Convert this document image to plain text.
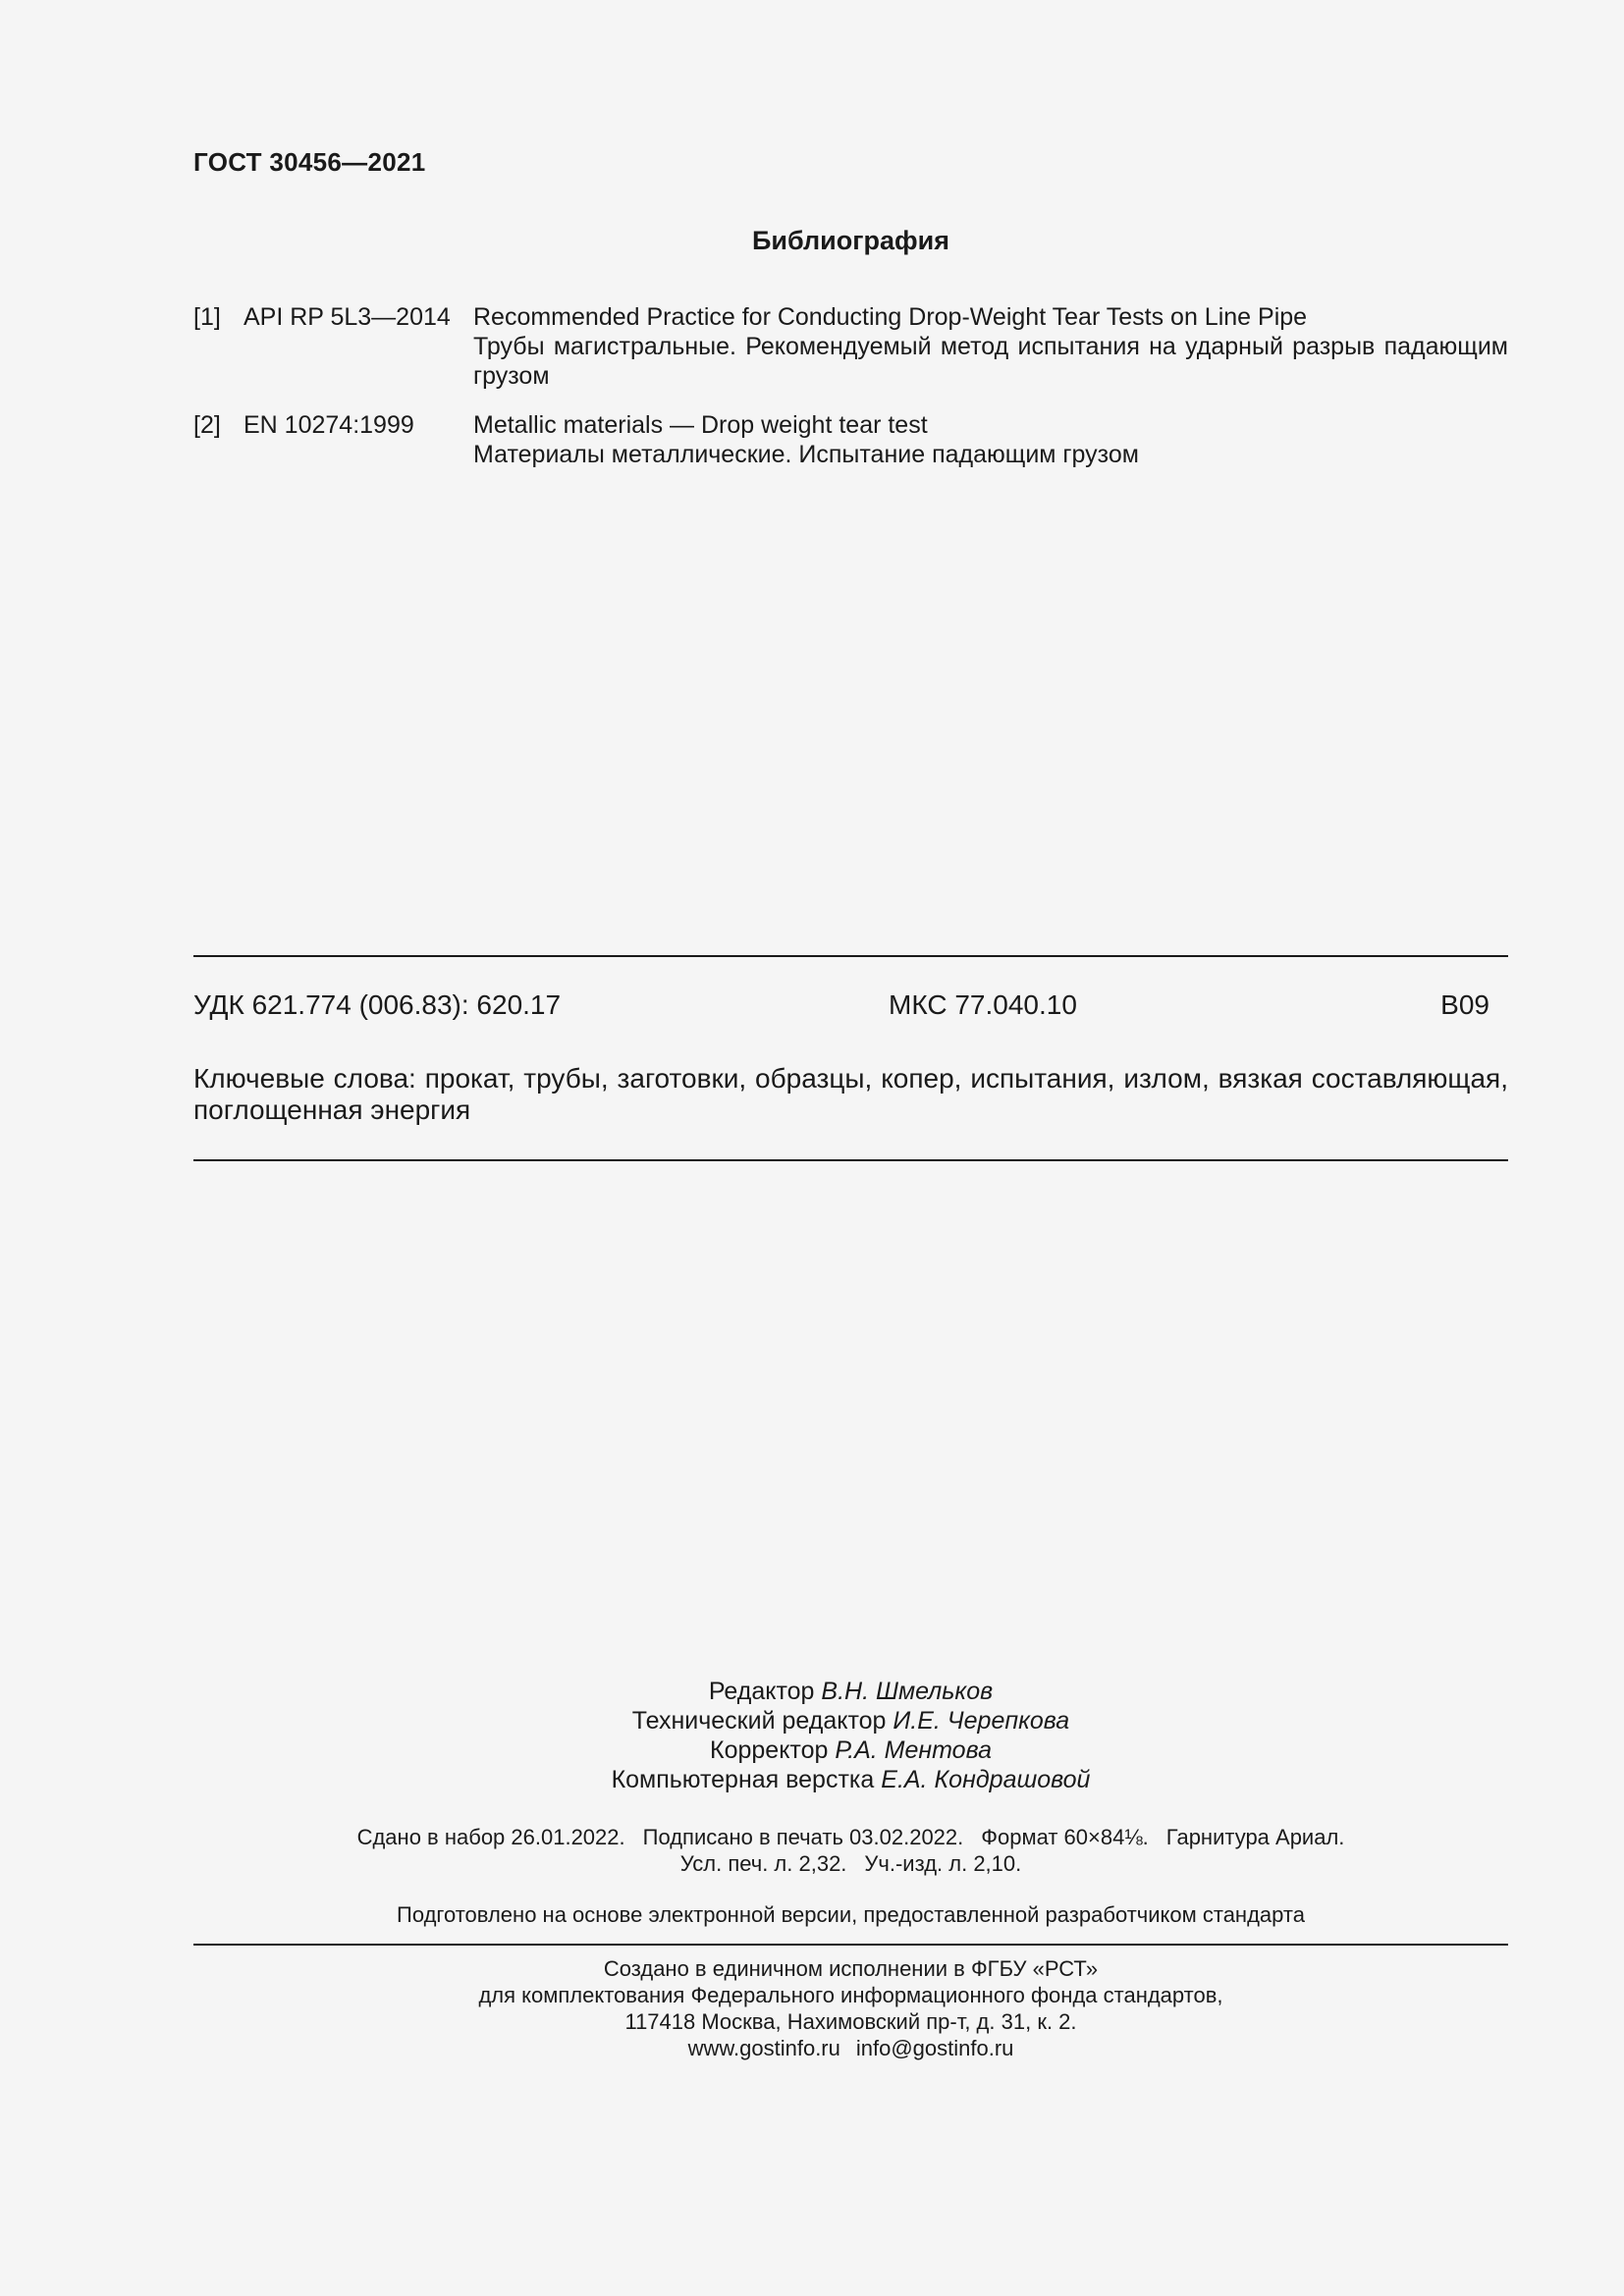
ГОСТ 30456—2021
Библиография
[1] API RP 5L3—2014 Recommended Practice for Conducting Drop-Weight Tear Tests on Line Pipe
Трубы магистральные. Рекомендуемый метод испытания на ударный разрыв падающим
грузом
[2] EN 10274:1999 Metallic materials — Drop weight tear test
Материалы металлические. Испытание падающим грузом
УДК 621.774 (006.83): 620.17	МКС 77.040.10	В09
Ключевые слова: прокат, трубы, заготовки, образцы, копер, испытания, излом, вязкая составляющая,
поглощенная энергия
Редактор В.Н. Шмельков
Технический редактор И.Е. Черепкова
Корректор Р.А. Ментова
Компьютерная верстка Е.А. Кондрашовой
Сдано в набор 26.01.2022. Подписано в печать 03.02.2022. Формат 60×84⅛. Гарнитура Ариал.
Усл. печ. л. 2,32. Уч.-изд. л. 2,10.
Подготовлено на основе электронной версии, предоставленной разработчиком стандарта
Создано в единичном исполнении в ФГБУ «РСТ»
для комплектования Федерального информационного фонда стандартов,
117418 Москва, Нахимовский пр-т, д. 31, к. 2.
www.gostinfo.ru info@gostinfo.ru
